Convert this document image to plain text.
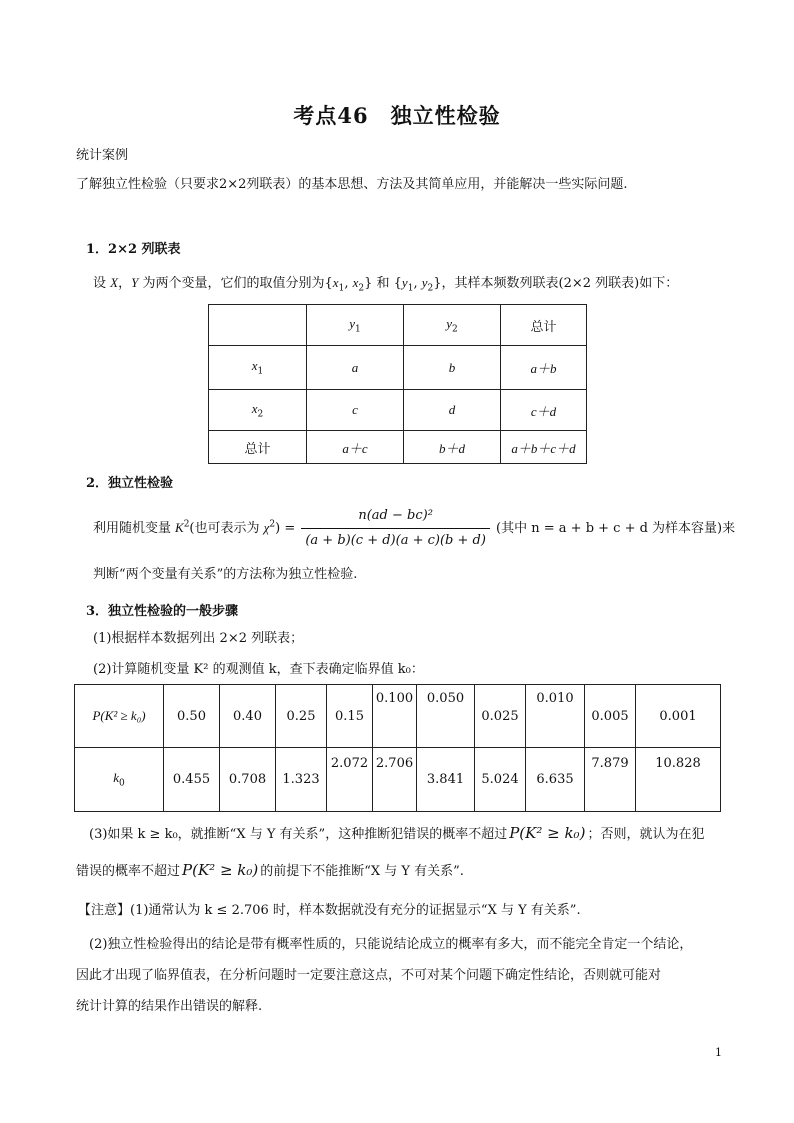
考点46　独立性检验
统计案例
了解独立性检验（只要求2×2列联表）的基本思想、方法及其简单应用，并能解决一些实际问题.
1．2×2 列联表
设 X，Y 为两个变量，它们的取值分别为{$x_1$, $x_2$} 和 {$y_1$, $y_2$}，其样本频数列联表(2×2 列联表)如下：
	$y_1$	$y_2$	总计
$x_1$	a	b	a＋b
$x_2$	c	d	c＋d
总计	a＋c	b＋d	a＋b＋c＋d
2．独立性检验
利用随机变量 $K^2$(也可表示为 $\chi^2) = \frac{\text{n(ad − bc)²}}{(a + b)(c + d)(a + c)(b + d)}$ (其中 n = a + b + c + d 为样本容量)来
判断“两个变量有关系”的方法称为独立性检验.
3．独立性检验的一般步骤
(1)根据样本数据列出 2×2 列联表；
(2)计算随机变量 K² 的观测值 k，查下表确定临界值 k₀：
P(K² ≥ k₀)	0.50	0.40	0.25	0.15	0.100	0.050	0.025	0.010	0.005	0.001
$k_0$	0.455	0.708	1.323	2.072	2.706	3.841	5.024	6.635	7.879	10.828
(3)如果 k ≥ k₀，就推断“X 与 Y 有关系”，这种推断犯错误的概率不超过 P(K² ≥ k₀) ；否则，就认为在犯
错误的概率不超过 P(K² ≥ k₀) 的前提下不能推断“X 与 Y 有关系”.
【注意】(1)通常认为 k ≤ 2.706 时，样本数据就没有充分的证据显示“X 与 Y 有关系”.
(2)独立性检验得出的结论是带有概率性质的，只能说结论成立的概率有多大，而不能完全肯定一个结论，
因此才出现了临界值表，在分析问题时一定要注意这点，不可对某个问题下确定性结论，否则就可能对
统计计算的结果作出错误的解释.
1
